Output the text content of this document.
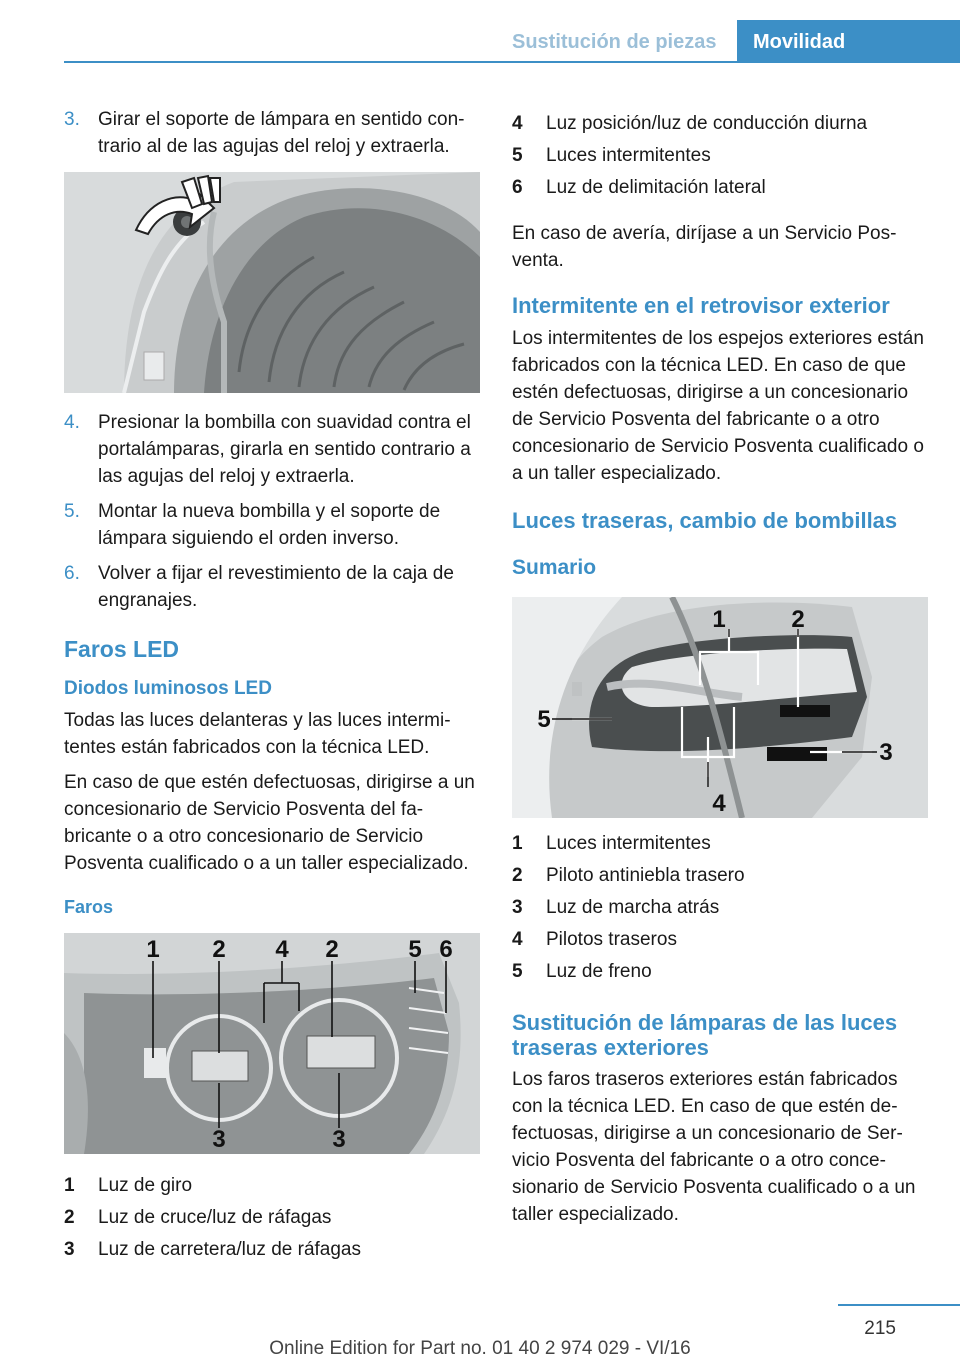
Sustitución de piezas	Movilidad
3. Girar el soporte de lámpara en sentido contrario al de las agujas del reloj y extraerla.
4. Presionar la bombilla con suavidad contra el portalámparas, girarla en sentido contrario a las agujas del reloj y extraerla.
5. Montar la nueva bombilla y el soporte de lámpara siguiendo el orden inverso.
6. Volver a fijar el revestimiento de la caja de engranajes.
Faros LED
Diodos luminosos LED

Todas las luces delanteras y las luces intermitentes están fabricados con la técnica LED.

En caso de que estén defectuosas, dirigirse a un concesionario de Servicio Posventa del fabricante o a otro concesionario de Servicio Posventa cualificado o a un taller especializado.

Faros
1 2 4 2	5 6
3	3
1	Luz de giro
2	Luz de cruce/luz de ráfagas
3	Luz de carretera/luz de ráfagas
4	Luz posición/luz de conducción diurna
5	Luces intermitentes
6	Luz de delimitación lateral

En caso de avería, diríjase a un Servicio Posventa.

Intermitente en el retrovisor exterior

Los intermitentes de los espejos exteriores están fabricados con la técnica LED. En caso de que estén defectuosas, dirigirse a un concesionario de Servicio Posventa del fabricante o a otro concesionario de Servicio Posventa cualificado o a un taller especializado.

Luces traseras, cambio de bombillas
Sumario
1	2
3
4
5
1	Luces intermitentes
2	Piloto antiniebla trasero
3	Luz de marcha atrás
4	Pilotos traseros
5	Luz de freno
Sustitución de lámparas de las luces traseras exteriores

Los faros traseros exteriores están fabricados con la técnica LED. En caso de que estén defectuosas, dirigirse a un concesionario de Servicio Posventa del fabricante o a otro concesionario de Servicio Posventa cualificado o a un taller especializado.

215
Online Edition for Part no. 01 40 2 974 029 - VI/16
